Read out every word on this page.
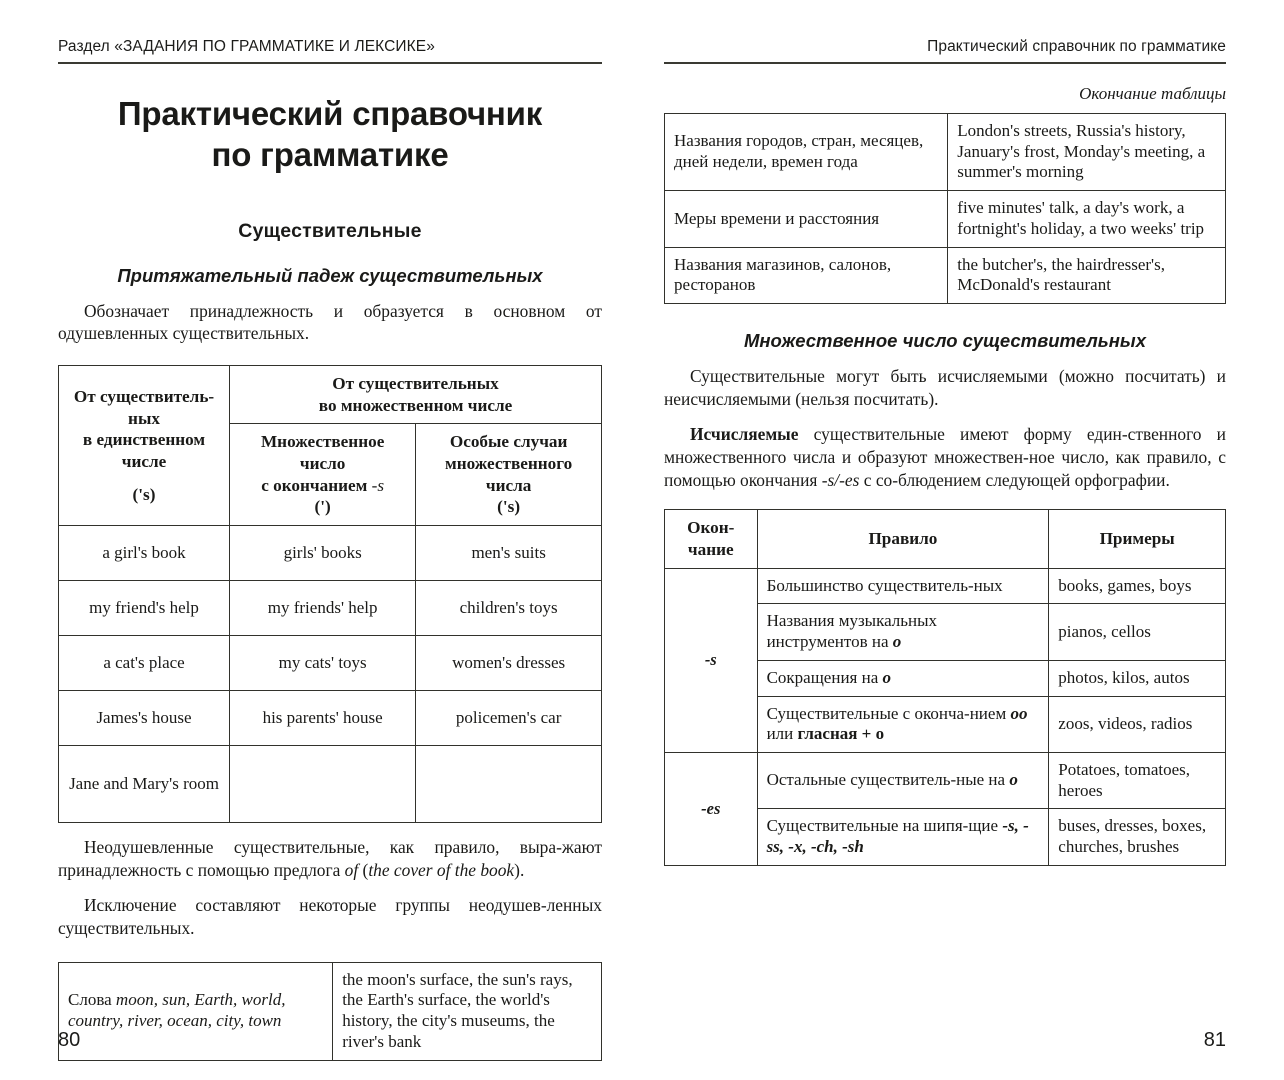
Раздел «ЗАДАНИЯ ПО ГРАММАТИКЕ И ЛЕКСИКЕ»
Практический справочник
по грамматике
Существительные
Притяжательный падеж существительных

Обозначает принадлежность и образуется в основном от одушевленных существительных.

От существитель-
ных
в единственном
числе
('s)	От существительных
во множественном числе	
	Множественное
число
с окончанием -s
(')	Особые случаи
множественного
числа
('s)
a girl's book	girls' books	men's suits
my friend's help	my friends' help	children's toys
a cat's place	my cats' toys	women's dresses
James's house	his parents' house	policemen's car
Jane and Mary's room		

Неодушевленные существительные, как правило, выра-жают принадлежность с помощью предлога of (the cover of the book).

Исключение составляют некоторые группы неодушев-ленных существительных.

Слова moon, sun, Earth, world, country, river, ocean, city, town	the moon's surface, the sun's rays, the Earth's surface, the world's history, the city's museums, the river's bank
80
Практический справочник по грамматике
Окончание таблицы
Названия городов, стран, месяцев, дней недели, времен года	London's streets, Russia's history, January's frost, Monday's meeting, a summer's morning
Меры времени и расстояния	five minutes' talk, a day's work, a fortnight's holiday, a two weeks' trip
Названия магазинов, салонов, ресторанов	the butcher's, the hairdresser's, McDonald's restaurant
Множественное число существительных

Существительные могут быть исчисляемыми (можно посчитать) и неисчисляемыми (нельзя посчитать).

Исчисляемые существительные имеют форму един-ственного и множественного числа и образуют множествен-ное число, как правило, с помощью окончания -s/-es с со-блюдением следующей орфографии.

Окон-
чание	Правило	Примеры
-s	Большинство существитель-ных	books, games, boys
	Названия музыкальных инструментов на o	pianos, cellos
	Сокращения на o	photos, kilos, autos
	Существительные с оконча-нием oo или гласная + o	zoos, videos, radios
-es	Остальные существитель-ные на o	Potatoes, tomatoes, heroes
	Существительные на шипя-щие -s, -ss, -x, -ch, -sh	buses, dresses, boxes, churches, brushes
81
